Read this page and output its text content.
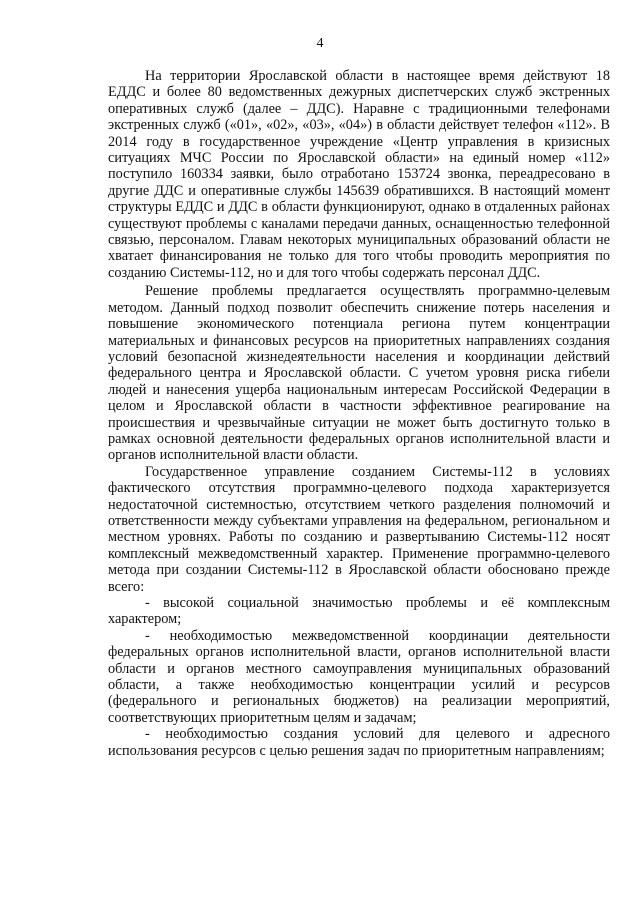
4

На территории Ярославской области в настоящее время действуют 18 ЕДДС и более 80 ведомственных дежурных диспетчерских служб экстренных оперативных служб (далее – ДДС). Наравне с традиционными телефонами экстренных служб («01», «02», «03», «04») в области действует телефон «112». В 2014 году в государственное учреждение «Центр управления в кризисных ситуациях МЧС России по Ярославской области» на единый номер «112» поступило 160334 заявки, было отработано 153724 звонка, переадресовано в другие ДДС и оперативные службы 145639 обратившихся. В настоящий момент структуры ЕДДС и ДДС в области функционируют, однако в отдаленных районах существуют проблемы с каналами передачи данных, оснащенностью телефонной связью, персоналом. Главам некоторых муниципальных образований области не хватает финансирования не только для того чтобы проводить мероприятия по созданию Системы-112, но и для того чтобы содержать персонал ДДС.

Решение проблемы предлагается осуществлять программно-целевым методом. Данный подход позволит обеспечить снижение потерь населения и повышение экономического потенциала региона путем концентрации материальных и финансовых ресурсов на приоритетных направлениях создания условий безопасной жизнедеятельности населения и координации действий федерального центра и Ярославской области. С учетом уровня риска гибели людей и нанесения ущерба национальным интересам Российской Федерации в целом и Ярославской области в частности эффективное реагирование на происшествия и чрезвычайные ситуации не может быть достигнуто только в рамках основной деятельности федеральных органов исполнительной власти и органов исполнительной власти области.

Государственное управление созданием Системы-112 в условиях фактического отсутствия программно-целевого подхода характеризуется недостаточной системностью, отсутствием четкого разделения полномочий и ответственности между субъектами управления на федеральном, региональном и местном уровнях. Работы по созданию и развертыванию Системы-112 носят комплексный межведомственный характер. Применение программно-целевого метода при создании Системы-112 в Ярославской области обосновано прежде всего:

- высокой социальной значимостью проблемы и её комплексным характером;

- необходимостью межведомственной координации деятельности федеральных органов исполнительной власти, органов исполнительной власти области и органов местного самоуправления муниципальных образований области, а также необходимостью концентрации усилий и ресурсов (федерального и региональных бюджетов) на реализации мероприятий, соответствующих приоритетным целям и задачам;

- необходимостью создания условий для целевого и адресного использования ресурсов с целью решения задач по приоритетным направлениям;
